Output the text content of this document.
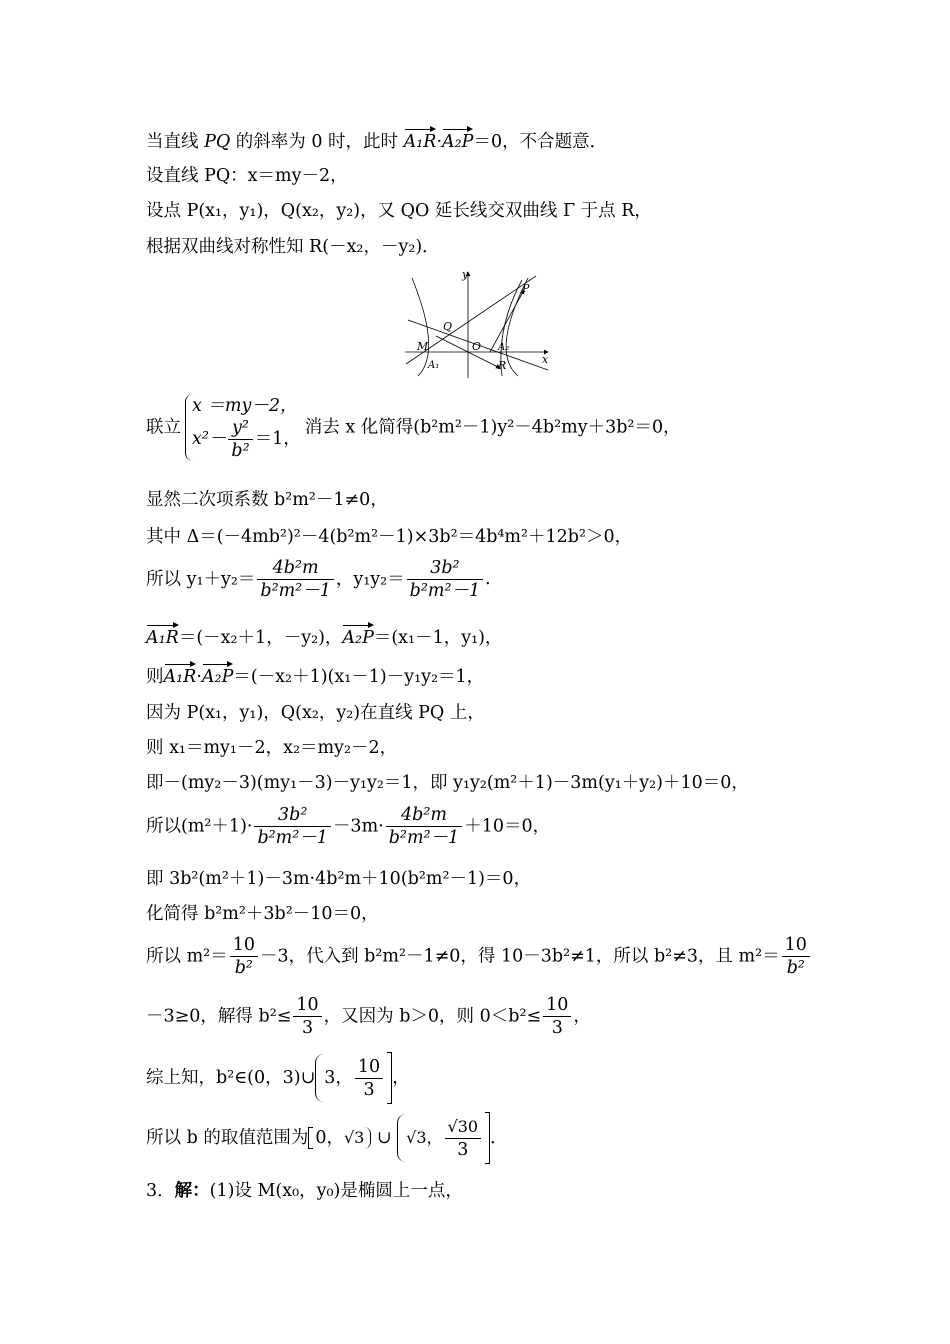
当直线 PQ 的斜率为 0 时，此时 A₁R·A₂P＝0，不合题意．
设直线 PQ：x＝my－2，
设点 P(x₁，y₁)，Q(x₂，y₂)，又 QO 延长线交双曲线 Γ 于点 R，
根据双曲线对称性知 R(－x₂，－y₂)．
y
x
P
Q
M	O
A₁
A₂
R
联立
x ＝my－2，
$x^2- \frac{\text{y²}}{\text{b²}} =1$，
消去 x 化简得(b²m²－1)y²－4b²my＋3b²＝0，
显然二次项系数 b²m²－1≠0，
其中 Δ＝(－4mb²)²－4(b²m²－1)×3b²＝4b⁴m²＋12b²＞0，
所以 $y_1+y_2= \frac{\text{4b²m}}{\text{b²m²－1}}$ ，$y_1y_2= \frac{\text{3b²}}{\text{b²m²－1}}$ ．
A₁R＝(－x₂＋1，－y₂)，A₂P＝(x₁－1，y₁)，
则A₁R·A₂P＝(－x₂＋1)(x₁－1)－y₁y₂＝1，
因为 P(x₁，y₁)，Q(x₂，y₂)在直线 PQ 上，
则 x₁＝my₁－2，x₂＝my₂－2，
即－(my₂－3)(my₁－3)－y₁y₂＝1，即 y₁y₂(m²＋1)－3m(y₁＋y₂)＋10＝0，
所以$(m^2+1)\cdot \frac{\text{3b²}}{\text{b²m²－1}} -3m\cdot \frac{\text{4b²m}}{\text{b²m²－1}} +10=0$，
即 3b²(m²＋1)－3m·4b²m＋10(b²m²－1)＝0，
化简得 b²m²＋3b²－10＝0，
所以 $m^2= \frac{10}{\text{b²}} -3$，代入到 b²m²－1≠0，得 10－3b²≠1，所以 b²≠3，且 $m^2= \frac{10}{\text{b²}}$
－3≥0，解得 $b^2\le \frac{10}{3}$ ，又因为 b＞0，则 $0<b^2\le \frac{10}{3}$ ，
综上知，b²∈(0，3)∪ 3， $\frac{10}{3}$ ，
所以 b 的取值范围为 0，√3 ∪ √3， $\frac{√30}{3}$ ．
3．解：(1)设 M(x₀，y₀)是椭圆上一点，
